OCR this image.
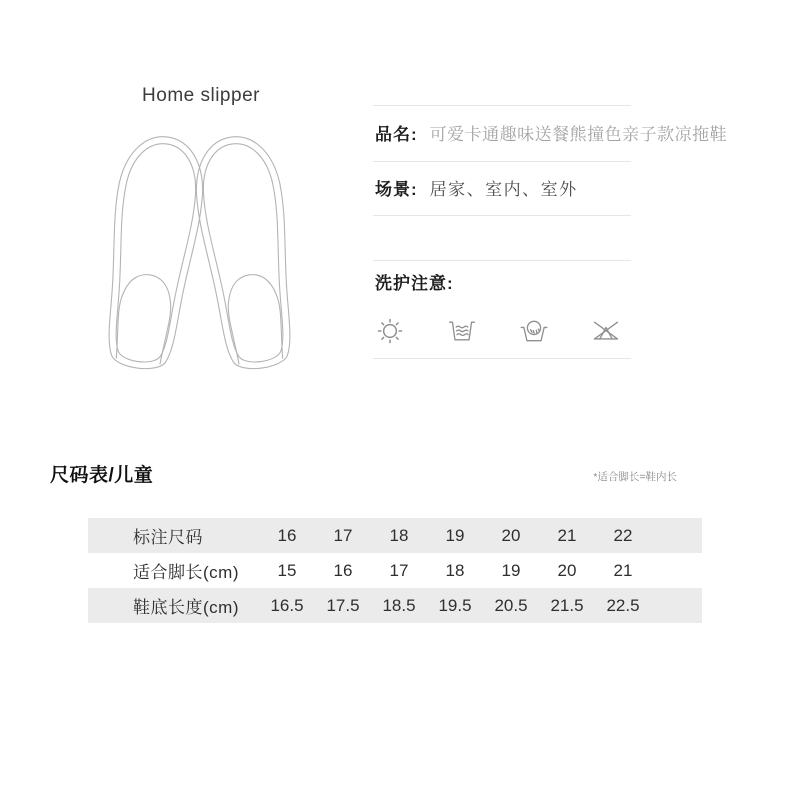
Home slipper
品名: 可爱卡通趣味送餐熊撞色亲子款凉拖鞋
场景: 居家、室内、室外
洗护注意:
尺码表/儿童	*适合脚长=鞋内长
标注尺码	16	17	18	19	20	21	22
适合脚长(cm)	15	16	17	18	19	20	21
鞋底长度(cm)	16.5	17.5	18.5	19.5	20.5	21.5	22.5
